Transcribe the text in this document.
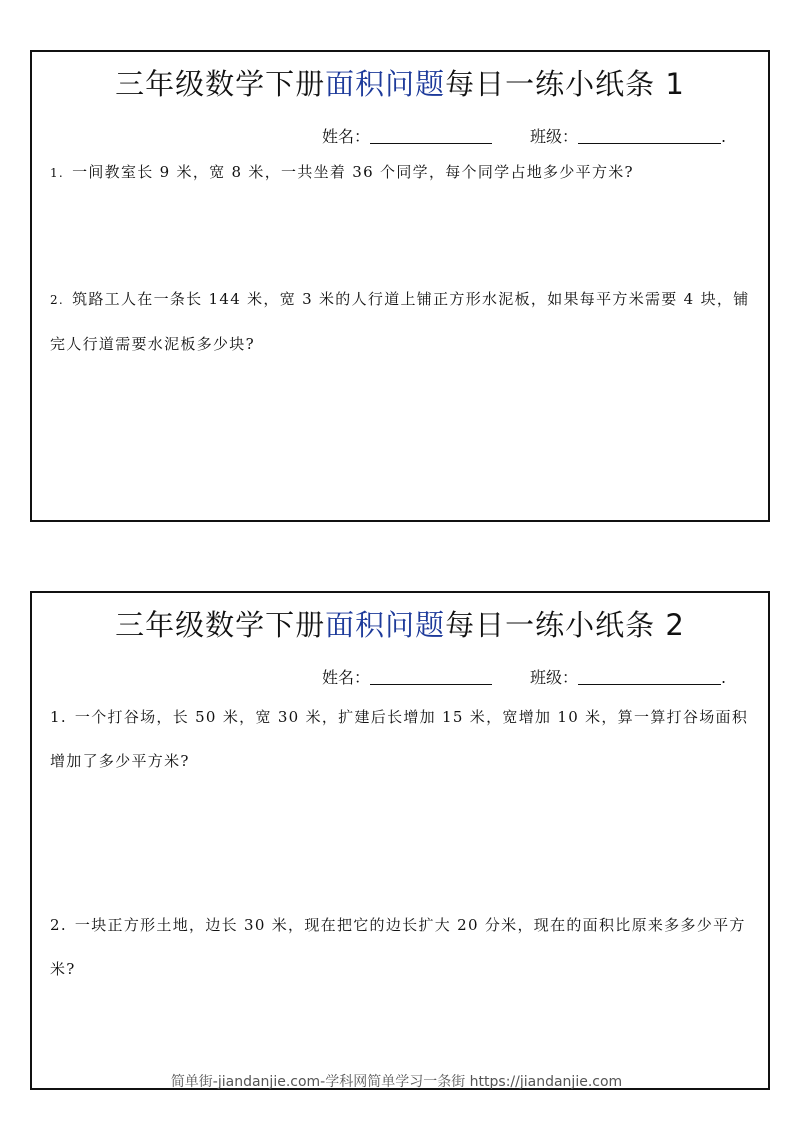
三年级数学下册面积问题每日一练小纸条 1
姓名：	班级：	.
1. 一间教室长 9 米，宽 8 米，一共坐着 36 个同学，每个同学占地多少平方米?
2. 筑路工人在一条长 144 米，宽 3 米的人行道上铺正方形水泥板，如果每平方米需要 4 块，铺完人行道需要水泥板多少块?
三年级数学下册面积问题每日一练小纸条 2
姓名：	班级：	.
1. 一个打谷场，长 50 米，宽 30 米，扩建后长增加 15 米，宽增加 10 米，算一算打谷场面积增加了多少平方米?
2. 一块正方形土地，边长 30 米，现在把它的边长扩大 20 分米，现在的面积比原来多多少平方米?
简单街-jiandanjie.com-学科网简单学习一条街 https://jiandanjie.com
